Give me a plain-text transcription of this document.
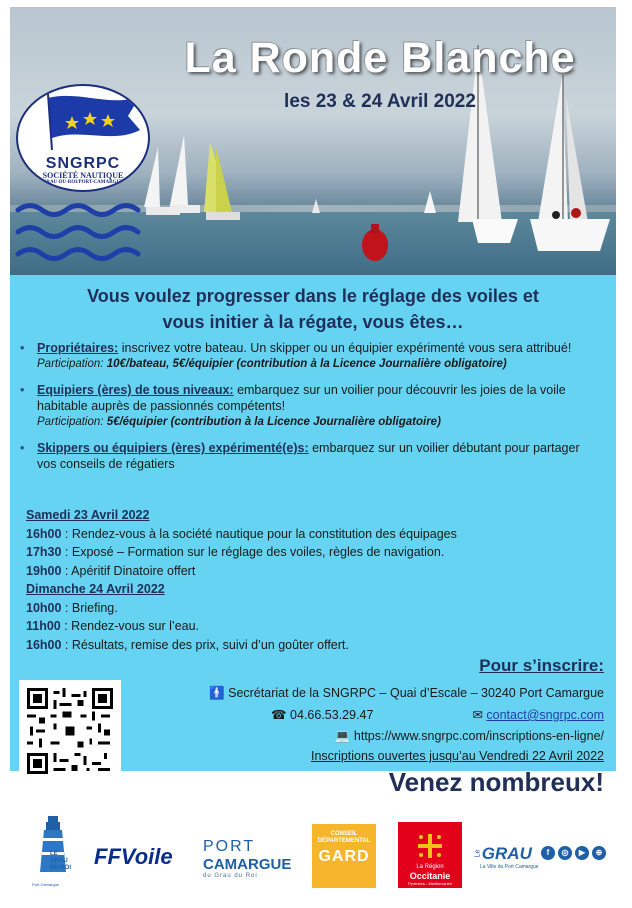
La Ronde Blanche
les 23 & 24 Avril 2022
SNGRPC
SOCIÉTÉ NAUTIQUE
GRAU-DU-ROI/PORT-CAMARGUE
Vous voulez progresser dans le réglage des voiles et
vous initier à la régate, vous êtes…
• Propriétaires: inscrivez votre bateau. Un skipper ou un équipier expérimenté vous sera attribué!
Participation: 10€/bateau, 5€/équipier (contribution à la Licence Journalière obligatoire)
• Equipiers (ères) de tous niveaux: embarquez sur un voilier pour découvrir les joies de la voile habitable auprès de passionnés compétents!
Participation: 5€/équipier (contribution à la Licence Journalière obligatoire)
• Skippers ou équipiers (ères) expérimenté(e)s: embarquez sur un voilier débutant pour partager vos conseils de régatiers
Samedi 23 Avril 2022
16h00 : Rendez-vous à la société nautique pour la constitution des équipages
17h30 : Exposé – Formation sur le réglage des voiles, règles de navigation.
19h00 : Apéritif Dinatoire offert
Dimanche 24 Avril 2022
10h00 : Briefing.
11h00 : Rendez-vous sur l’eau.
16h00 : Résultats, remise des prix, suivi d’un goûter offert.
Pour s’inscrire:
🚹 Secrétariat de la SNGRPC – Quai d’Escale – 30240 Port Camargue
☎ 04.66.53.29.47	✉ contact@sngrpc.com
💻 https://www.sngrpc.com/inscriptions-en-ligne/
Inscriptions ouvertes jusqu’au Vendredi 22 Avril 2022
Venez nombreux!
LE
GRAU
DU ROI
Port Camargue
FFVoile PORT
CAMARGUE
du Grau du Roi
CONSEIL DÉPARTEMENTAL
GARD
La Région
Occitanie
Pyrénées - Méditerranée
LeGRAU
La Ville du Port Camargue
f	◎	▶	⊕
